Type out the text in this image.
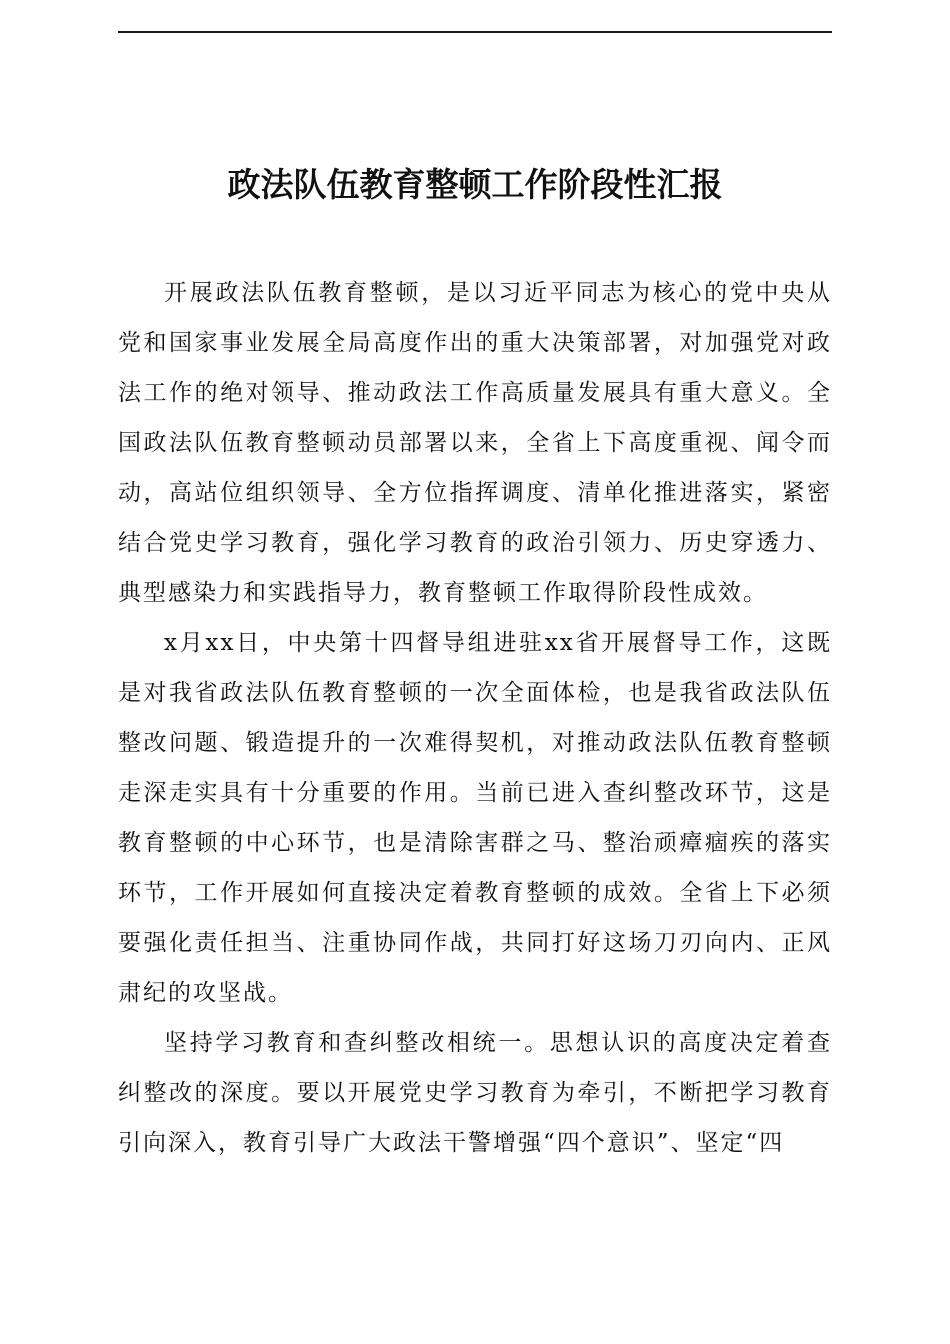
政法队伍教育整顿工作阶段性汇报

开展政法队伍教育整顿，是以习近平同志为核心的党中央从党和国家事业发展全局高度作出的重大决策部署，对加强党对政法工作的绝对领导、推动政法工作高质量发展具有重大意义。全国政法队伍教育整顿动员部署以来，全省上下高度重视、闻令而动，高站位组织领导、全方位指挥调度、清单化推进落实，紧密结合党史学习教育，强化学习教育的政治引领力、历史穿透力、典型感染力和实践指导力，教育整顿工作取得阶段性成效。

x月xx日，中央第十四督导组进驻xx省开展督导工作，这既是对我省政法队伍教育整顿的一次全面体检，也是我省政法队伍整改问题、锻造提升的一次难得契机，对推动政法队伍教育整顿走深走实具有十分重要的作用。当前已进入查纠整改环节，这是教育整顿的中心环节，也是清除害群之马、整治顽瘴痼疾的落实环节，工作开展如何直接决定着教育整顿的成效。全省上下必须要强化责任担当、注重协同作战，共同打好这场刀刃向内、正风肃纪的攻坚战。

坚持学习教育和查纠整改相统一。思想认识的高度决定着查纠整改的深度。要以开展党史学习教育为牵引，不断把学习教育引向深入，教育引导广大政法干警增强“四个意识”、坚定“四
